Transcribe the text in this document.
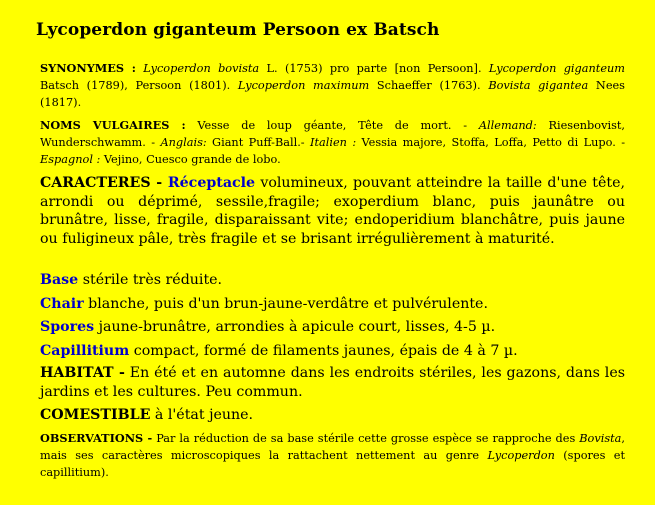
Lycoperdon giganteum Persoon ex Batsch

SYNONYMES : Lycoperdon bovista L. (1753) pro parte [non Persoon]. Lycoperdon giganteum Batsch (1789), Persoon (1801). Lycoperdon maximum Schaeffer (1763). Bovista gigantea Nees (1817).

NOMS VULGAIRES : Vesse de loup géante, Tête de mort. - Allemand: Riesenbovist, Wunderschwamm. - Anglais: Giant Puff-Ball.- Italien : Vessia majore, Stoffa, Loffa, Petto di Lupo. - Espagnol : Vejino, Cuesco grande de lobo.

CARACTERES - Réceptacle volumineux, pouvant atteindre la taille d'une tête, arrondi ou déprimé, sessile,fragile; exoperdium blanc, puis jaunâtre ou brunâtre, lisse, fragile, disparaissant vite; endoperidium blanchâtre, puis jaune ou fuligineux pâle, très fragile et se brisant irrégulièrement à maturité.

Base stérile très réduite.

Chair blanche, puis d'un brun-jaune-verdâtre et pulvérulente.

Spores jaune-brunâtre, arrondies à apicule court, lisses, 4-5 µ.

Capillitium compact, formé de filaments jaunes, épais de 4 à 7 µ.

HABITAT - En été et en automne dans les endroits stériles, les gazons, dans les jardins et les cultures. Peu commun.

COMESTIBLE à l'état jeune.

OBSERVATIONS - Par la réduction de sa base stérile cette grosse espèce se rapproche des Bovista, mais ses caractères microscopiques la rattachent nettement au genre Lycoperdon (spores et capillitium).
